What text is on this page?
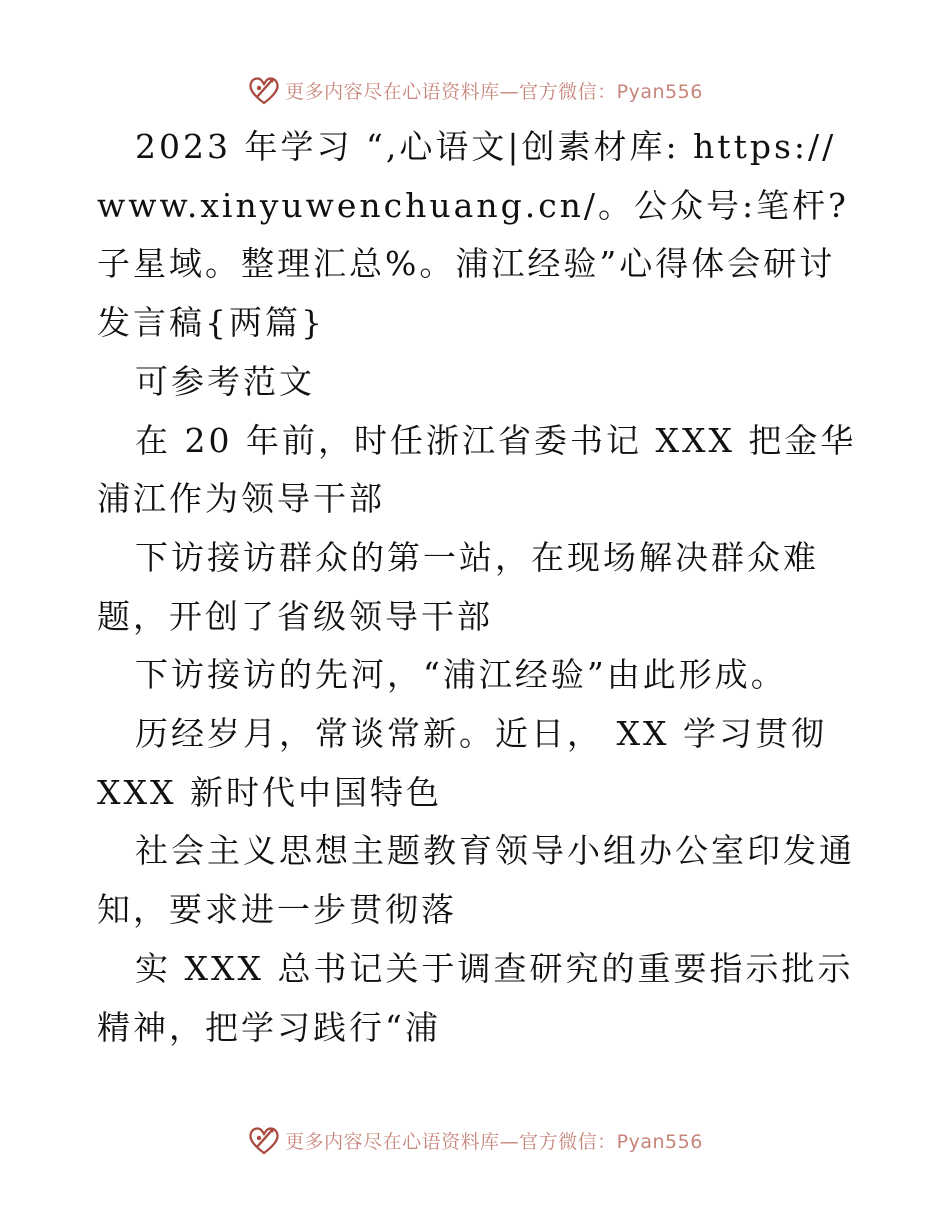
更多内容尽在心语资料库—官方微信：Pyan556

2023 年学习 “,心语文|创素材库: https://www.xinyuwenchuang.cn/。公众号:笔杆?子星域。整理汇总%。浦江经验”心得体会研讨发言稿{两篇}

可参考范文

在 20 年前，时任浙江省委书记 XXX 把金华浦江作为领导干部

下访接访群众的第一站，在现场解决群众难题，开创了省级领导干部

下访接访的先河，“浦江经验”由此形成。

历经岁月，常谈常新。近日， XX 学习贯彻 XXX 新时代中国特色

社会主义思想主题教育领导小组办公室印发通知，要求进一步贯彻落

实 XXX 总书记关于调查研究的重要指示批示精神，把学习践行“浦

更多内容尽在心语资料库—官方微信：Pyan556
